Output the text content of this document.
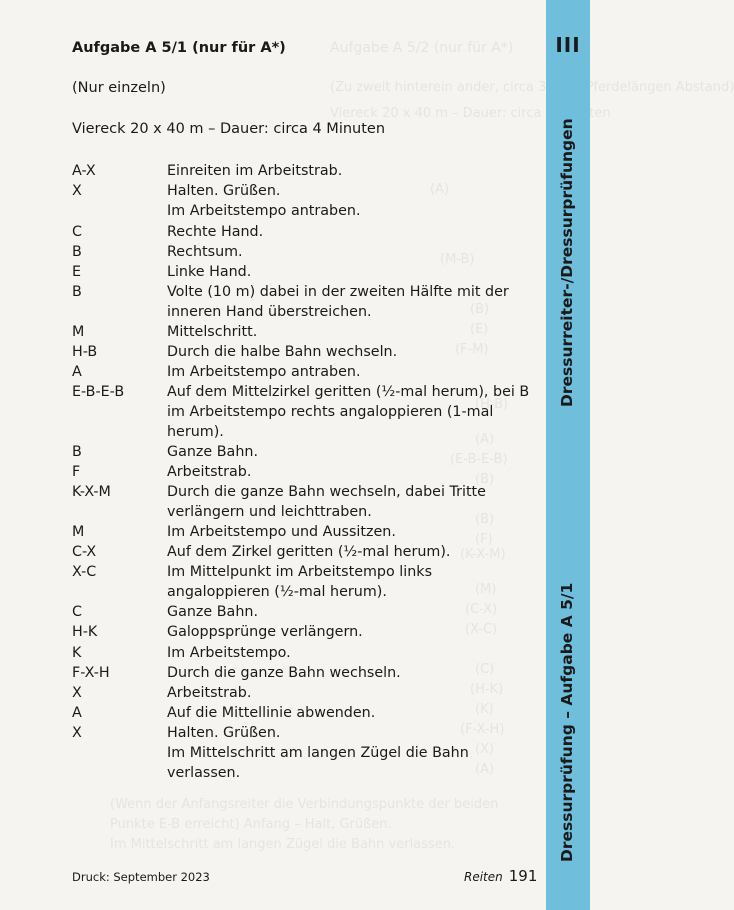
Aufgabe A 5/2 (nur für A*)
(Zu zweit hinterein ander, circa 3 bis 5 Pferdelängen Abstand)
Viereck 20 x 40 m – Dauer: circa 4 Minuten
(A)
(M-B)
(B)
(E)
(F-M)
(H-B)
(A)
(E-B-E-B)
(B)
(B)
(F)
(K-X-M)
(M)
(C-X)
(X-C)
(C)
(H-K)
(K)
(F-X-H)
(X)
(A)
(Wenn der Anfangsreiter die Verbindungspunkte der beiden
Punkte E-B erreicht) Anfang – Halt, Grüßen.
Im Mittelschritt am langen Zügel die Bahn verlassen.
Aufgabe A 5/1 (nur für A*)
(Nur einzeln)
Viereck 20 x 40 m – Dauer: circa 4 Minuten
A-X	Einreiten im Arbeitstrab.
X	Halten. Grüßen.
Im Arbeitstempo antraben.
C	Rechte Hand.
B	Rechtsum.
E	Linke Hand.
B	Volte (10 m) dabei in der zweiten Hälfte mit der inneren Hand überstreichen.
M	Mittelschritt.
H-B	Durch die halbe Bahn wechseln.
A	Im Arbeitstempo antraben.
E-B-E-B	Auf dem Mittelzirkel geritten (½-mal herum), bei B im Arbeitstempo rechts angaloppieren (1-mal herum).
B	Ganze Bahn.
F	Arbeitstrab.
K-X-M	Durch die ganze Bahn wechseln, dabei Tritte verlängern und leichttraben.
M	Im Arbeitstempo und Aussitzen.
C-X	Auf dem Zirkel geritten (½-mal herum).
X-C	Im Mittelpunkt im Arbeitstempo links angaloppieren (½-mal herum).
C	Ganze Bahn.
H-K	Galoppsprünge verlängern.
K	Im Arbeitstempo.
F-X-H	Durch die ganze Bahn wechseln.
X	Arbeitstrab.
A	Auf die Mittellinie abwenden.
X	Halten. Grüßen.
Im Mittelschritt am langen Zügel die Bahn verlassen.
Druck: September 2023	Reiten 191
III
Dressurreiter-/Dressurprüfungen
Dressurprüfung – Aufgabe A 5/1
